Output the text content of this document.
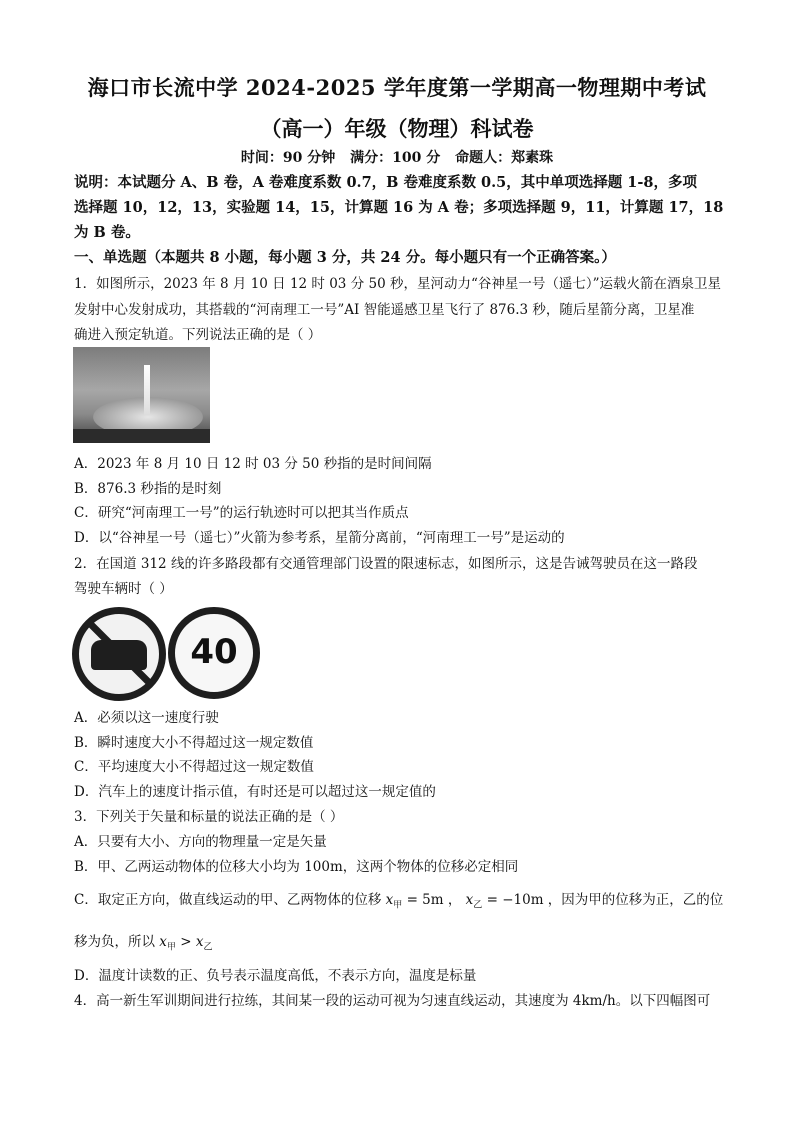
海口市长流中学 2024-2025 学年度第一学期高一物理期中考试
（高一）年级（物理）科试卷
时间：90 分钟 满分：100 分 命题人：郑素珠
说明：本试题分 A、B 卷，A 卷难度系数 0.7，B 卷难度系数 0.5，其中单项选择题 1-8，多项
选择题 10，12，13，实验题 14，15，计算题 16 为 A 卷；多项选择题 9，11，计算题 17，18
为 B 卷。
一、单选题（本题共 8 小题，每小题 3 分，共 24 分。每小题只有一个正确答案。）
1．如图所示，2023 年 8 月 10 日 12 时 03 分 50 秒，星河动力“谷神星一号（遥七）”运载火箭在酒泉卫星
发射中心发射成功，其搭载的“河南理工一号”AI 智能遥感卫星飞行了 876.3 秒，随后星箭分离，卫星准
确进入预定轨道。下列说法正确的是（ ）
A．2023 年 8 月 10 日 12 时 03 分 50 秒指的是时间间隔
B．876.3 秒指的是时刻
C．研究“河南理工一号”的运行轨迹时可以把其当作质点
D．以“谷神星一号（遥七）”火箭为参考系，星箭分离前，“河南理工一号”是运动的
2．在国道 312 线的许多路段都有交通管理部门设置的限速标志，如图所示，这是告诫驾驶员在这一路段
驾驶车辆时（ ）
40
A．必须以这一速度行驶
B．瞬时速度大小不得超过这一规定数值
C．平均速度大小不得超过这一规定数值
D．汽车上的速度计指示值，有时还是可以超过这一规定值的
3．下列关于矢量和标量的说法正确的是（ ）
A．只要有大小、方向的物理量一定是矢量
B．甲、乙两运动物体的位移大小均为 100m，这两个物体的位移必定相同
C．取定正方向，做直线运动的甲、乙两物体的位移 $x_甲 = 5m$ ， $x_乙 = -10m$ ，因为甲的位移为正，乙的位
移为负，所以 $x_甲 > x_乙$
D．温度计读数的正、负号表示温度高低，不表示方向，温度是标量
4．高一新生军训期间进行拉练，其间某一段的运动可视为匀速直线运动，其速度为 4km/h。以下四幅图可
